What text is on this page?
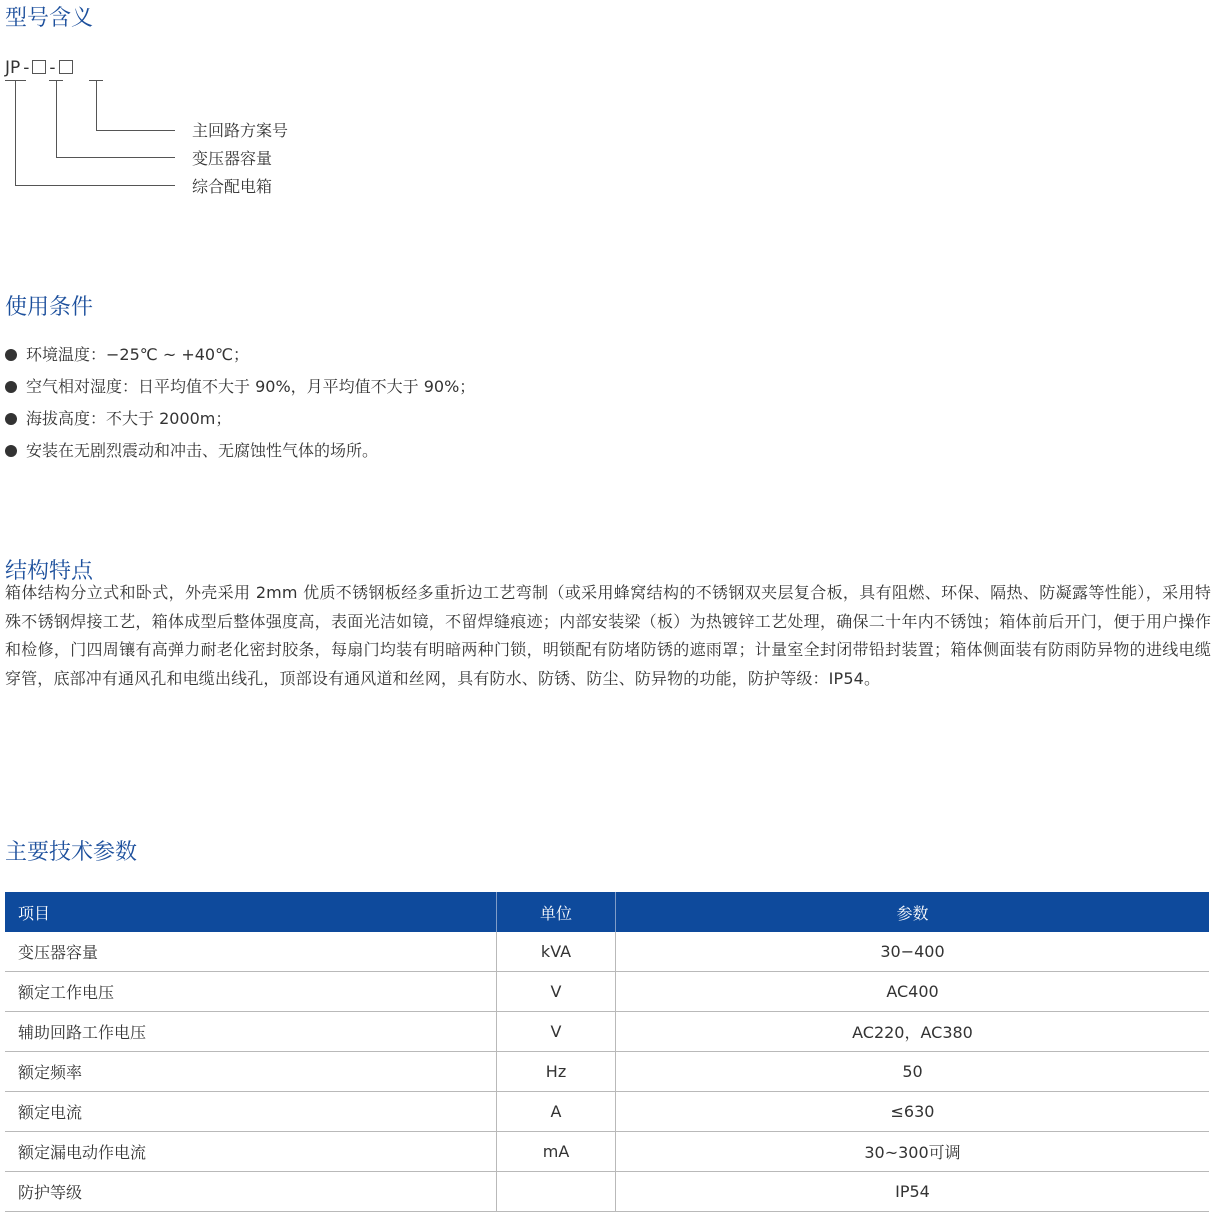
型号含义
JP - -
主回路方案号
变压器容量
综合配电箱
使用条件
环境温度：−25℃ ~ +40℃；
空气相对湿度：日平均值不大于 90%，月平均值不大于 90%；
海拔高度：不大于 2000m；
安装在无剧烈震动和冲击、无腐蚀性气体的场所。
结构特点

箱体结构分立式和卧式，外壳采用 2mm 优质不锈钢板经多重折边工艺弯制（或采用蜂窝结构的不锈钢双夹层复合板，具有阻燃、环保、隔热、防凝露等性能），采用特殊不锈钢焊接工艺，箱体成型后整体强度高，表面光洁如镜，不留焊缝痕迹；内部安装梁（板）为热镀锌工艺处理，确保二十年内不锈蚀；箱体前后开门，便于用户操作和检修，门四周镶有高弹力耐老化密封胶条，每扇门均装有明暗两种门锁，明锁配有防堵防锈的遮雨罩；计量室全封闭带铅封装置；箱体侧面装有防雨防异物的进线电缆穿管，底部冲有通风孔和电缆出线孔，顶部设有通风道和丝网，具有防水、防锈、防尘、防异物的功能，防护等级：IP54。

主要技术参数
项目	单位	参数
变压器容量	kVA	30−400
额定工作电压	V	AC400
辅助回路工作电压	V	AC220，AC380
额定频率	Hz	50
额定电流	A	≤630
额定漏电动作电流	mA	30~300可调
防护等级		IP54
